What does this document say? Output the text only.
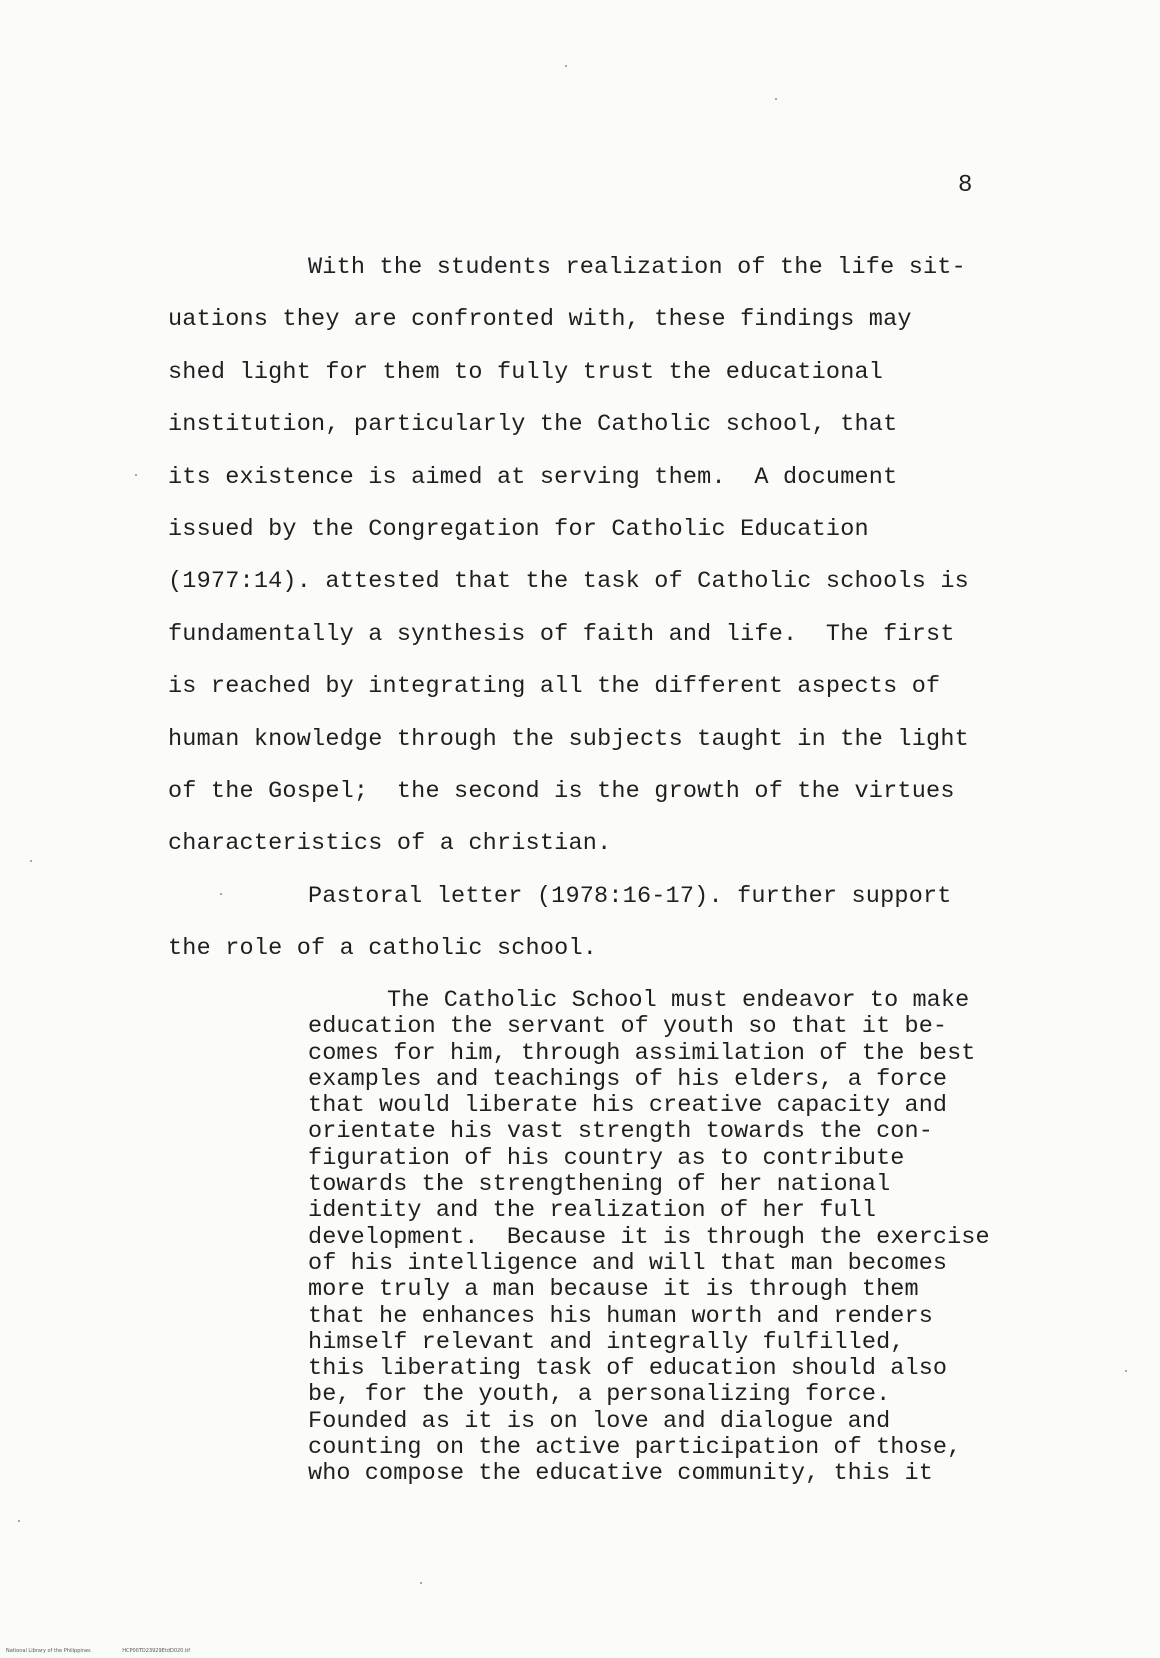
8
With the students realization of the life sit-
uations they are confronted with, these findings may
shed light for them to fully trust the educational
institution, particularly the Catholic school, that
its existence is aimed at serving them.  A document
issued by the Congregation for Catholic Education
(1977:14). attested that the task of Catholic schools is
fundamentally a synthesis of faith and life.  The first
is reached by integrating all the different aspects of
human knowledge through the subjects taught in the light
of the Gospel;  the second is the growth of the virtues
characteristics of a christian.
Pastoral letter (1978:16-17). further support
the role of a catholic school.
The Catholic School must endeavor to make
education the servant of youth so that it be-
comes for him, through assimilation of the best
examples and teachings of his elders, a force
that would liberate his creative capacity and
orientate his vast strength towards the con-
figuration of his country as to contribute
towards the strengthening of her national
identity and the realization of her full
development.  Because it is through the exercise
of his intelligence and will that man becomes
more truly a man because it is through them
that he enhances his human worth and renders
himself relevant and integrally fulfilled,
this liberating task of education should also
be, for the youth, a personalizing force.
Founded as it is on love and dialogue and
counting on the active participation of those,
who compose the educative community, this it
National Library of the Philippines	HCP00TD23929EtdD020.tif
